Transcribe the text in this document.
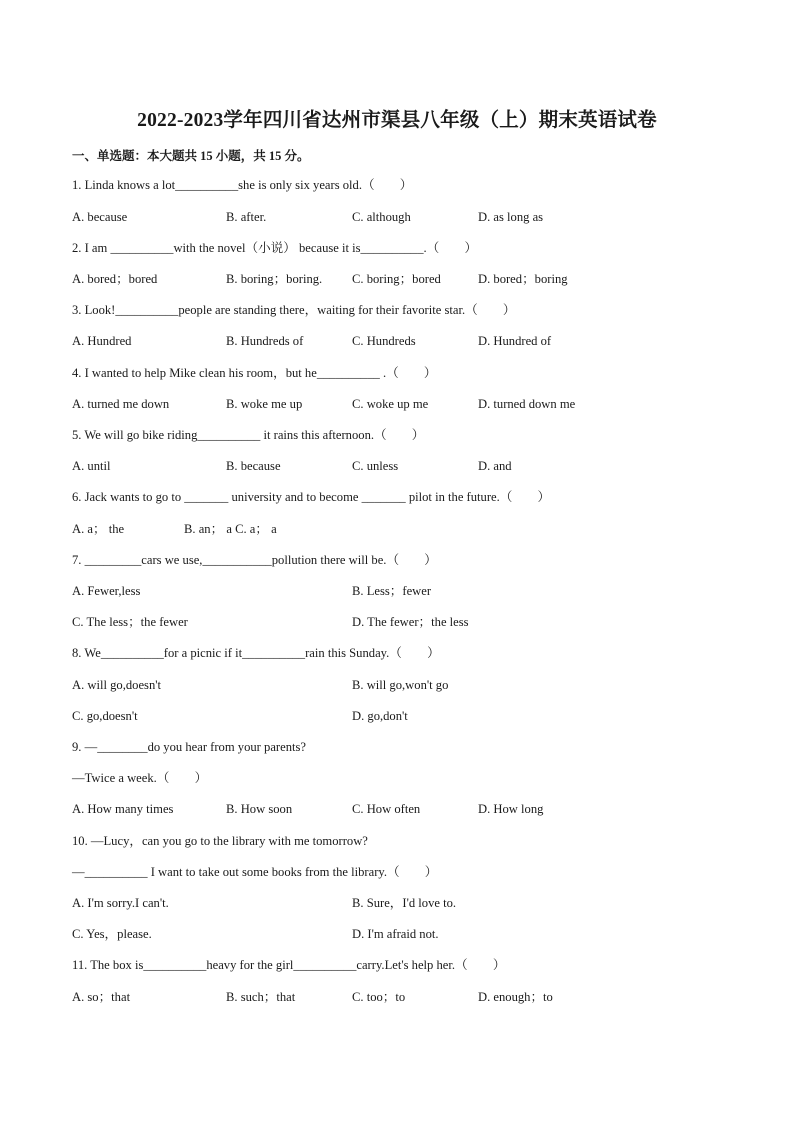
2022-2023学年四川省达州市渠县八年级（上）期末英语试卷
一、单选题：本大题共 15 小题，共 15 分。
1. Linda knows a lot__________she is only six years old.（　　）
A. because	B. after.	C. although	D. as long as
2. I am __________with the novel（小说） because it is__________.（　　）
A. bored；bored	B. boring；boring. C. boring；bored	D. bored；boring
3. Look!__________people are standing there，waiting for their favorite star.（　　）
A. Hundred	B. Hundreds of	C. Hundreds	D. Hundred of
4. I wanted to help Mike clean his room，but he__________ .（　　）
A. turned me down	B. woke me up	C. woke up me	D. turned down me
5. We will go bike riding__________ it rains this afternoon.（　　）
A. until	B. because	C. unless	D. and
6. Jack wants to go to _______ university and to become _______ pilot in the future.（　　）
A. a； the	B. an； a C. a； a
7. _________cars we use,___________pollution there will be.（　　）
A. Fewer,less	B. Less；fewer
C. The less；the fewer	D. The fewer；the less
8. We__________for a picnic if it__________rain this Sunday.（　　）
A. will go,doesn't	B. will go,won't go
C. go,doesn't	D. go,don't
9. —________do you hear from your parents?
—Twice a week.（　　）
A. How many times	B. How soon	C. How often	D. How long
10. —Lucy，can you go to the library with me tomorrow?
—__________ I want to take out some books from the library.（　　）
A. I'm sorry.I can't.	B. Sure，I'd love to.
C. Yes，please.	D. I'm afraid not.
11. The box is__________heavy for the girl__________carry.Let's help her.（　　）
A. so；that	B. such；that	C. too；to	D. enough；to
